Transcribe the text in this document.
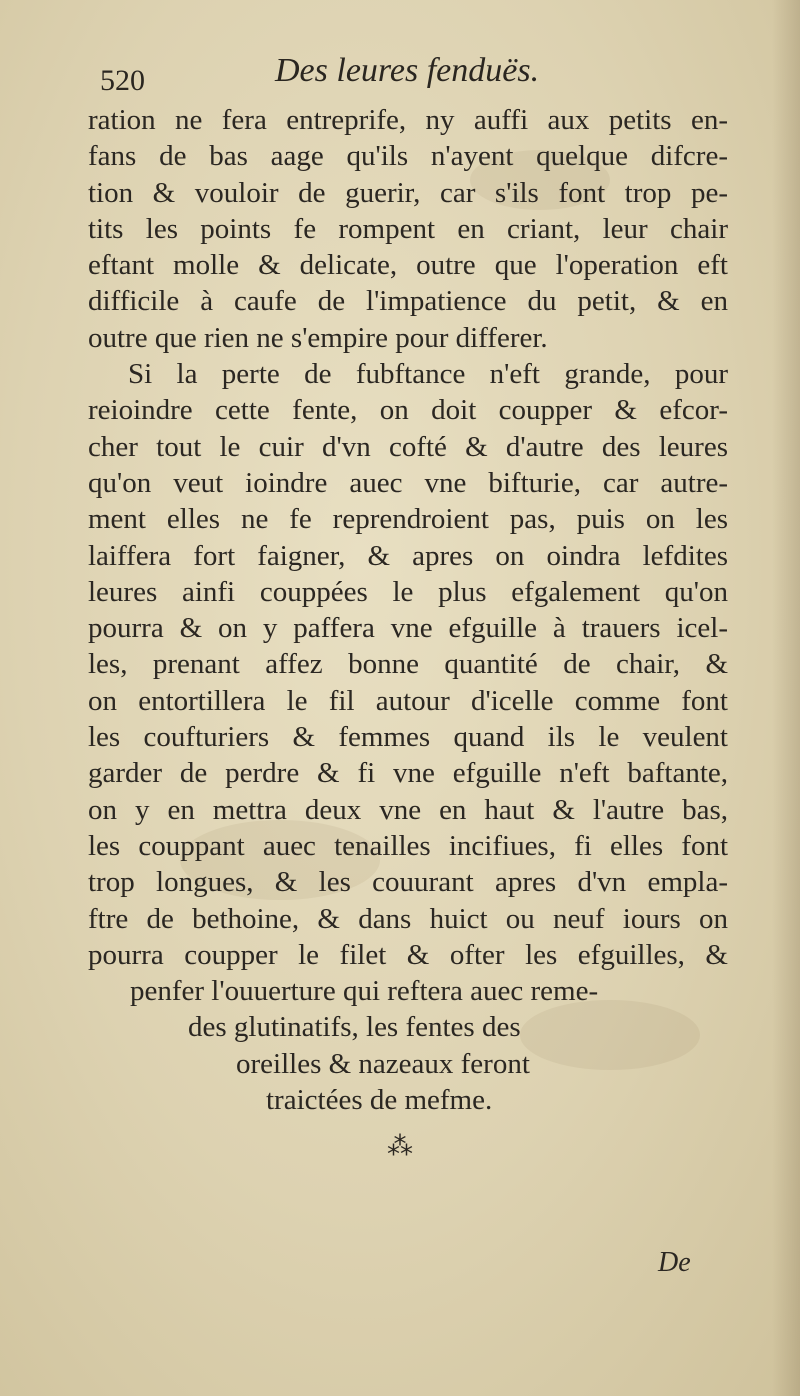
520	Des leures fenduës.
ration ne fera entreprife, ny auffi aux petits en-
fans de bas aage qu'ils n'ayent quelque difcre-
tion & vouloir de guerir, car s'ils font trop pe-
tits les points fe rompent en criant, leur chair
eftant molle & delicate, outre que l'operation eft
difficile à caufe de l'impatience du petit, & en
outre que rien ne s'empire pour differer.
Si la perte de fubftance n'eft grande, pour
reioindre cette fente, on doit coupper & efcor-
cher tout le cuir d'vn cofté & d'autre des leures
qu'on veut ioindre auec vne bifturie, car autre-
ment elles ne fe reprendroient pas, puis on les
laiffera fort faigner, & apres on oindra lefdites
leures ainfi couppées le plus efgalement qu'on
pourra & on y paffera vne efguille à trauers icel-
les, prenant affez bonne quantité de chair, &
on entortillera le fil autour d'icelle comme font
les coufturiers & femmes quand ils le veulent
garder de perdre & fi vne efguille n'eft baftante,
on y en mettra deux vne en haut & l'autre bas,
les couppant auec tenailles incifiues, fi elles font
trop longues, & les couurant apres d'vn empla-
ftre de bethoine, & dans huict ou neuf iours on
pourra coupper le filet & ofter les efguilles, &
penfer l'ouuerture qui reftera auec reme-
des glutinatifs, les fentes des
oreilles & nazeaux feront
traictées de mefme.
⁂
De
